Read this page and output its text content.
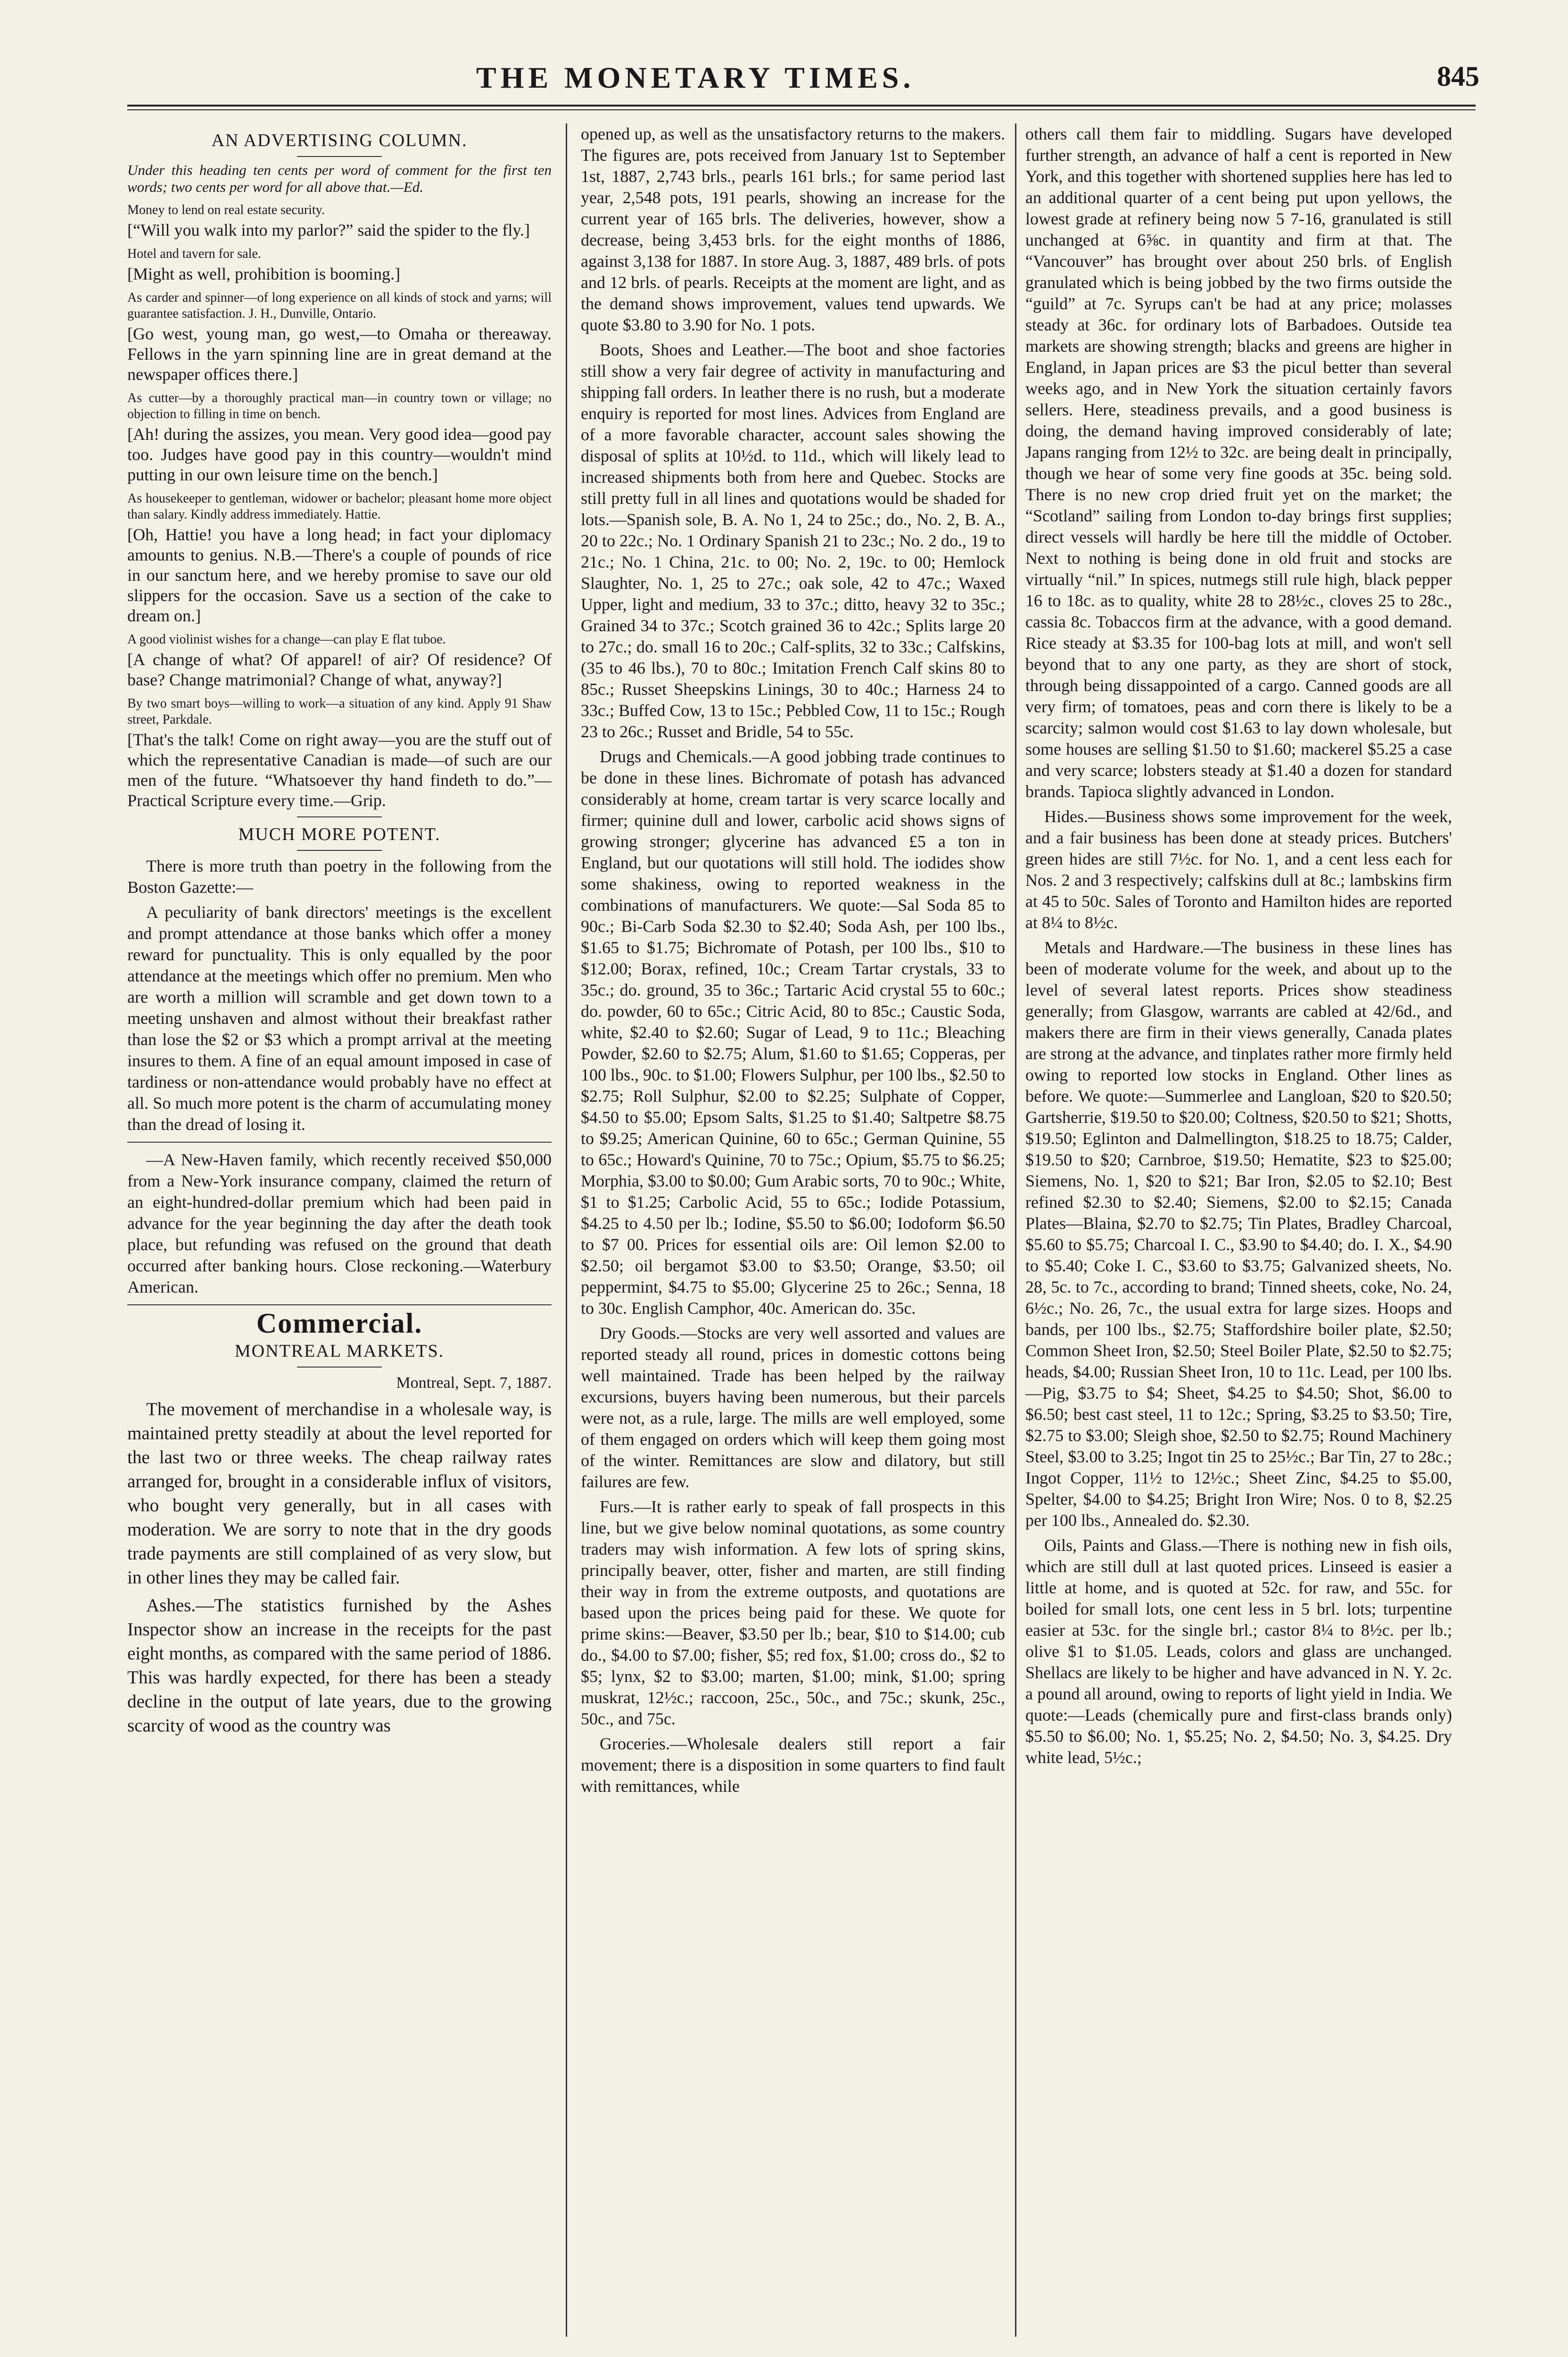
THE MONETARY TIMES.	845
AN ADVERTISING COLUMN.
Under this heading ten cents per word of comment for the first ten words; two cents per word for all above that.—Ed.
Money to lend on real estate security.
[“Will you walk into my parlor?” said the spider to the fly.]
Hotel and tavern for sale.
[Might as well, prohibition is booming.]
As carder and spinner—of long experience on all kinds of stock and yarns; will guarantee satisfaction. J. H., Dunville, Ontario.
[Go west, young man, go west,—to Omaha or thereaway. Fellows in the yarn spinning line are in great demand at the newspaper offices there.]
As cutter—by a thoroughly practical man—in country town or village; no objection to filling in time on bench.
[Ah! during the assizes, you mean. Very good idea—good pay too. Judges have good pay in this country—wouldn't mind putting in our own leisure time on the bench.]
As housekeeper to gentleman, widower or bachelor; pleasant home more object than salary. Kindly address immediately. Hattie.
[Oh, Hattie! you have a long head; in fact your diplomacy amounts to genius. N.B.—There's a couple of pounds of rice in our sanctum here, and we hereby promise to save our old slippers for the occasion. Save us a section of the cake to dream on.]
A good violinist wishes for a change—can play E flat tuboe.
[A change of what? Of apparel! of air? Of residence? Of base? Change matrimonial? Change of what, anyway?]
By two smart boys—willing to work—a situation of any kind. Apply 91 Shaw street, Parkdale.
[That's the talk! Come on right away—you are the stuff out of which the representative Canadian is made—of such are our men of the future. “Whatsoever thy hand findeth to do.”—Practical Scripture every time.—Grip.
MUCH MORE POTENT.

There is more truth than poetry in the following from the Boston Gazette:—

A peculiarity of bank directors' meetings is the excellent and prompt attendance at those banks which offer a money reward for punctuality. This is only equalled by the poor attendance at the meetings which offer no premium. Men who are worth a million will scramble and get down town to a meeting unshaven and almost without their breakfast rather than lose the $2 or $3 which a prompt arrival at the meeting insures to them. A fine of an equal amount imposed in case of tardiness or non-attendance would probably have no effect at all. So much more potent is the charm of accumulating money than the dread of losing it.

—A New-Haven family, which recently received $50,000 from a New-York insurance company, claimed the return of an eight-hundred-dollar premium which had been paid in advance for the year beginning the day after the death took place, but refunding was refused on the ground that death occurred after banking hours. Close reckoning.—Waterbury American.

Commercial.
MONTREAL MARKETS.
Montreal, Sept. 7, 1887.

The movement of merchandise in a wholesale way, is maintained pretty steadily at about the level reported for the last two or three weeks. The cheap railway rates arranged for, brought in a considerable influx of visitors, who bought very generally, but in all cases with moderation. We are sorry to note that in the dry goods trade payments are still complained of as very slow, but in other lines they may be called fair.

Ashes.—The statistics furnished by the Ashes Inspector show an increase in the receipts for the past eight months, as compared with the same period of 1886. This was hardly expected, for there has been a steady decline in the output of late years, due to the growing scarcity of wood as the country was

opened up, as well as the unsatisfactory returns to the makers. The figures are, pots received from January 1st to September 1st, 1887, 2,743 brls., pearls 161 brls.; for same period last year, 2,548 pots, 191 pearls, showing an increase for the current year of 165 brls. The deliveries, however, show a decrease, being 3,453 brls. for the eight months of 1886, against 3,138 for 1887. In store Aug. 3, 1887, 489 brls. of pots and 12 brls. of pearls. Receipts at the moment are light, and as the demand shows improvement, values tend upwards. We quote $3.80 to 3.90 for No. 1 pots.

Boots, Shoes and Leather.—The boot and shoe factories still show a very fair degree of activity in manufacturing and shipping fall orders. In leather there is no rush, but a moderate enquiry is reported for most lines. Advices from England are of a more favorable character, account sales showing the disposal of splits at 10½d. to 11d., which will likely lead to increased shipments both from here and Quebec. Stocks are still pretty full in all lines and quotations would be shaded for lots.—Spanish sole, B. A. No 1, 24 to 25c.; do., No. 2, B. A., 20 to 22c.; No. 1 Ordinary Spanish 21 to 23c.; No. 2 do., 19 to 21c.; No. 1 China, 21c. to 00; No. 2, 19c. to 00; Hemlock Slaughter, No. 1, 25 to 27c.; oak sole, 42 to 47c.; Waxed Upper, light and medium, 33 to 37c.; ditto, heavy 32 to 35c.; Grained 34 to 37c.; Scotch grained 36 to 42c.; Splits large 20 to 27c.; do. small 16 to 20c.; Calf-splits, 32 to 33c.; Calfskins, (35 to 46 lbs.), 70 to 80c.; Imitation French Calf skins 80 to 85c.; Russet Sheepskins Linings, 30 to 40c.; Harness 24 to 33c.; Buffed Cow, 13 to 15c.; Pebbled Cow, 11 to 15c.; Rough 23 to 26c.; Russet and Bridle, 54 to 55c.

Drugs and Chemicals.—A good jobbing trade continues to be done in these lines. Bichromate of potash has advanced considerably at home, cream tartar is very scarce locally and firmer; quinine dull and lower, carbolic acid shows signs of growing stronger; glycerine has advanced £5 a ton in England, but our quotations will still hold. The iodides show some shakiness, owing to reported weakness in the combinations of manufacturers. We quote:—Sal Soda 85 to 90c.; Bi-Carb Soda $2.30 to $2.40; Soda Ash, per 100 lbs., $1.65 to $1.75; Bichromate of Potash, per 100 lbs., $10 to $12.00; Borax, refined, 10c.; Cream Tartar crystals, 33 to 35c.; do. ground, 35 to 36c.; Tartaric Acid crystal 55 to 60c.; do. powder, 60 to 65c.; Citric Acid, 80 to 85c.; Caustic Soda, white, $2.40 to $2.60; Sugar of Lead, 9 to 11c.; Bleaching Powder, $2.60 to $2.75; Alum, $1.60 to $1.65; Copperas, per 100 lbs., 90c. to $1.00; Flowers Sulphur, per 100 lbs., $2.50 to $2.75; Roll Sulphur, $2.00 to $2.25; Sulphate of Copper, $4.50 to $5.00; Epsom Salts, $1.25 to $1.40; Saltpetre $8.75 to $9.25; American Quinine, 60 to 65c.; German Quinine, 55 to 65c.; Howard's Quinine, 70 to 75c.; Opium, $5.75 to $6.25; Morphia, $3.00 to $0.00; Gum Arabic sorts, 70 to 90c.; White, $1 to $1.25; Carbolic Acid, 55 to 65c.; Iodide Potassium, $4.25 to 4.50 per lb.; Iodine, $5.50 to $6.00; Iodoform $6.50 to $7 00. Prices for essential oils are: Oil lemon $2.00 to $2.50; oil bergamot $3.00 to $3.50; Orange, $3.50; oil peppermint, $4.75 to $5.00; Glycerine 25 to 26c.; Senna, 18 to 30c. English Camphor, 40c. American do. 35c.

Dry Goods.—Stocks are very well assorted and values are reported steady all round, prices in domestic cottons being well maintained. Trade has been helped by the railway excursions, buyers having been numerous, but their parcels were not, as a rule, large. The mills are well employed, some of them engaged on orders which will keep them going most of the winter. Remittances are slow and dilatory, but still failures are few.

Furs.—It is rather early to speak of fall prospects in this line, but we give below nominal quotations, as some country traders may wish information. A few lots of spring skins, principally beaver, otter, fisher and marten, are still finding their way in from the extreme outposts, and quotations are based upon the prices being paid for these. We quote for prime skins:—Beaver, $3.50 per lb.; bear, $10 to $14.00; cub do., $4.00 to $7.00; fisher, $5; red fox, $1.00; cross do., $2 to $5; lynx, $2 to $3.00; marten, $1.00; mink, $1.00; spring muskrat, 12½c.; raccoon, 25c., 50c., and 75c.; skunk, 25c., 50c., and 75c.

Groceries.—Wholesale dealers still report a fair movement; there is a disposition in some quarters to find fault with remittances, while

others call them fair to middling. Sugars have developed further strength, an advance of half a cent is reported in New York, and this together with shortened supplies here has led to an additional quarter of a cent being put upon yellows, the lowest grade at refinery being now 5 7-16, granulated is still unchanged at 6⅝c. in quantity and firm at that. The “Vancouver” has brought over about 250 brls. of English granulated which is being jobbed by the two firms outside the “guild” at 7c. Syrups can't be had at any price; molasses steady at 36c. for ordinary lots of Barbadoes. Outside tea markets are showing strength; blacks and greens are higher in England, in Japan prices are $3 the picul better than several weeks ago, and in New York the situation certainly favors sellers. Here, steadiness prevails, and a good business is doing, the demand having improved considerably of late; Japans ranging from 12½ to 32c. are being dealt in principally, though we hear of some very fine goods at 35c. being sold. There is no new crop dried fruit yet on the market; the “Scotland” sailing from London to-day brings first supplies; direct vessels will hardly be here till the middle of October. Next to nothing is being done in old fruit and stocks are virtually “nil.” In spices, nutmegs still rule high, black pepper 16 to 18c. as to quality, white 28 to 28½c., cloves 25 to 28c., cassia 8c. Tobaccos firm at the advance, with a good demand. Rice steady at $3.35 for 100-bag lots at mill, and won't sell beyond that to any one party, as they are short of stock, through being dissappointed of a cargo. Canned goods are all very firm; of tomatoes, peas and corn there is likely to be a scarcity; salmon would cost $1.63 to lay down wholesale, but some houses are selling $1.50 to $1.60; mackerel $5.25 a case and very scarce; lobsters steady at $1.40 a dozen for standard brands. Tapioca slightly advanced in London.

Hides.—Business shows some improvement for the week, and a fair business has been done at steady prices. Butchers' green hides are still 7½c. for No. 1, and a cent less each for Nos. 2 and 3 respectively; calfskins dull at 8c.; lambskins firm at 45 to 50c. Sales of Toronto and Hamilton hides are reported at 8¼ to 8½c.

Metals and Hardware.—The business in these lines has been of moderate volume for the week, and about up to the level of several latest reports. Prices show steadiness generally; from Glasgow, warrants are cabled at 42/6d., and makers there are firm in their views generally, Canada plates are strong at the advance, and tinplates rather more firmly held owing to reported low stocks in England. Other lines as before. We quote:—Summerlee and Langloan, $20 to $20.50; Gartsherrie, $19.50 to $20.00; Coltness, $20.50 to $21; Shotts, $19.50; Eglinton and Dalmellington, $18.25 to 18.75; Calder, $19.50 to $20; Carnbroe, $19.50; Hematite, $23 to $25.00; Siemens, No. 1, $20 to $21; Bar Iron, $2.05 to $2.10; Best refined $2.30 to $2.40; Siemens, $2.00 to $2.15; Canada Plates—Blaina, $2.70 to $2.75; Tin Plates, Bradley Charcoal, $5.60 to $5.75; Charcoal I. C., $3.90 to $4.40; do. I. X., $4.90 to $5.40; Coke I. C., $3.60 to $3.75; Galvanized sheets, No. 28, 5c. to 7c., according to brand; Tinned sheets, coke, No. 24, 6½c.; No. 26, 7c., the usual extra for large sizes. Hoops and bands, per 100 lbs., $2.75; Staffordshire boiler plate, $2.50; Common Sheet Iron, $2.50; Steel Boiler Plate, $2.50 to $2.75; heads, $4.00; Russian Sheet Iron, 10 to 11c. Lead, per 100 lbs.—Pig, $3.75 to $4; Sheet, $4.25 to $4.50; Shot, $6.00 to $6.50; best cast steel, 11 to 12c.; Spring, $3.25 to $3.50; Tire, $2.75 to $3.00; Sleigh shoe, $2.50 to $2.75; Round Machinery Steel, $3.00 to 3.25; Ingot tin 25 to 25½c.; Bar Tin, 27 to 28c.; Ingot Copper, 11½ to 12½c.; Sheet Zinc, $4.25 to $5.00, Spelter, $4.00 to $4.25; Bright Iron Wire; Nos. 0 to 8, $2.25 per 100 lbs., Annealed do. $2.30.

Oils, Paints and Glass.—There is nothing new in fish oils, which are still dull at last quoted prices. Linseed is easier a little at home, and is quoted at 52c. for raw, and 55c. for boiled for small lots, one cent less in 5 brl. lots; turpentine easier at 53c. for the single brl.; castor 8¼ to 8½c. per lb.; olive $1 to $1.05. Leads, colors and glass are unchanged. Shellacs are likely to be higher and have advanced in N. Y. 2c. a pound all around, owing to reports of light yield in India. We quote:—Leads (chemically pure and first-class brands only) $5.50 to $6.00; No. 1, $5.25; No. 2, $4.50; No. 3, $4.25. Dry white lead, 5½c.;
